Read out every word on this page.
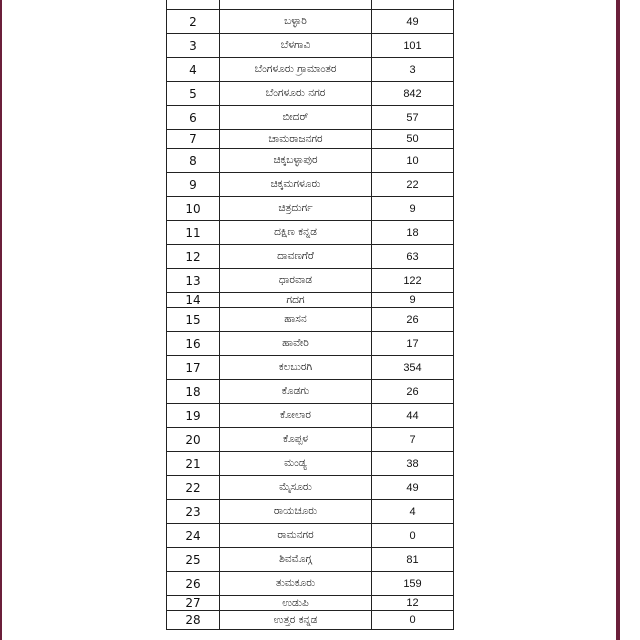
2	ಬಳ್ಳಾರಿ	49
3	ಬೆಳಗಾವಿ	101
4	ಬೆಂಗಳೂರು ಗ್ರಾಮಾಂತರ	3
5	ಬೆಂಗಳೂರು ನಗರ	842
6	ಬೀದರ್	57
7	ಚಾಮರಾಜನಗರ	50
8	ಚಿಕ್ಕಬಳ್ಳಾಪುರ	10
9	ಚಿಕ್ಕಮಗಳೂರು	22
10	ಚಿತ್ರದುರ್ಗ	9
11	ದಕ್ಷಿಣ ಕನ್ನಡ	18
12	ದಾವಣಗೆರೆ	63
13	ಧಾರವಾಡ	122
14	ಗದಗ	9
15	ಹಾಸನ	26
16	ಹಾವೇರಿ	17
17	ಕಲಬುರಗಿ	354
18	ಕೊಡಗು	26
19	ಕೋಲಾರ	44
20	ಕೊಪ್ಪಳ	7
21	ಮಂಡ್ಯ	38
22	ಮೈಸೂರು	49
23	ರಾಯಚೂರು	4
24	ರಾಮನಗರ	0
25	ಶಿವಮೊಗ್ಗ	81
26	ತುಮಕೂರು	159
27	ಉಡುಪಿ	12
28	ಉತ್ತರ ಕನ್ನಡ	0
